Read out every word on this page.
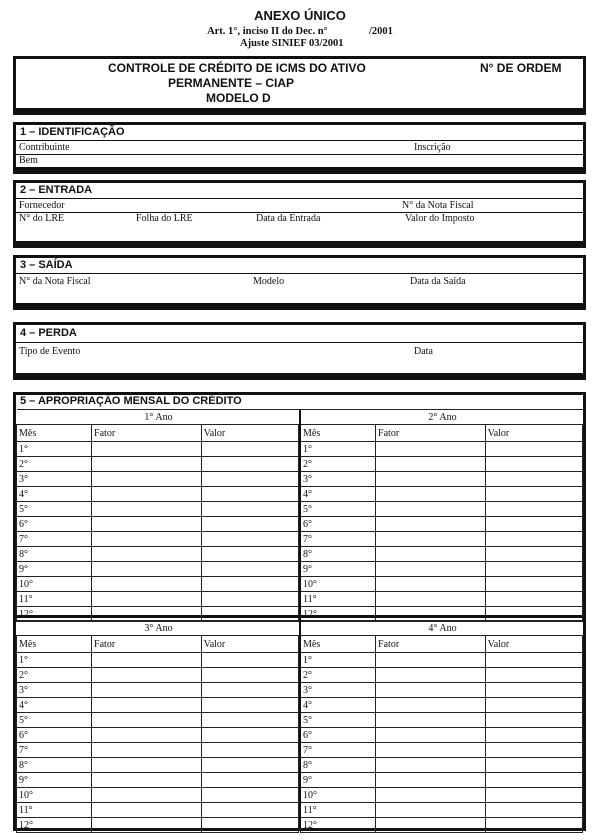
ANEXO ÚNICO
Art. 1°, inciso II do Dec. n°	/2001
Ajuste SINIEF 03/2001
CONTROLE DE CRÉDITO DE ICMS DO ATIVO
PERMANENTE – CIAP
MODELO D
N° DE ORDEM
1 – IDENTIFICAÇÃO
Contribuinte	Inscrição
Bem
2 – ENTRADA
Fornecedor	N° da Nota Fiscal
N° do LRE	Folha do LRE	Data da Entrada	Valor do Imposto
3 – SAÍDA
N° da Nota Fiscal	Modelo	Data da Saída
4 – PERDA
Tipo de Evento	Data
5 – APROPRIAÇÃO MENSAL DO CRÉDITO
1° Ano		
Mês	Fator	Valor
1°		
2°		
3°		
4°		
5°		
6°		
7°		
8°		
9°		
10°		
11°		
12°		
2° Ano		
Mês	Fator	Valor
1°		
2°		
3°		
4°		
5°		
6°		
7°		
8°		
9°		
10°		
11°		
12°		
3° Ano		
Mês	Fator	Valor
1°		
2°		
3°		
4°		
5°		
6°		
7°		
8°		
9°		
10°		
11°		
12°		
4° Ano		
Mês	Fator	Valor
1°		
2°		
3°		
4°		
5°		
6°		
7°		
8°		
9°		
10°		
11°		
12°		
